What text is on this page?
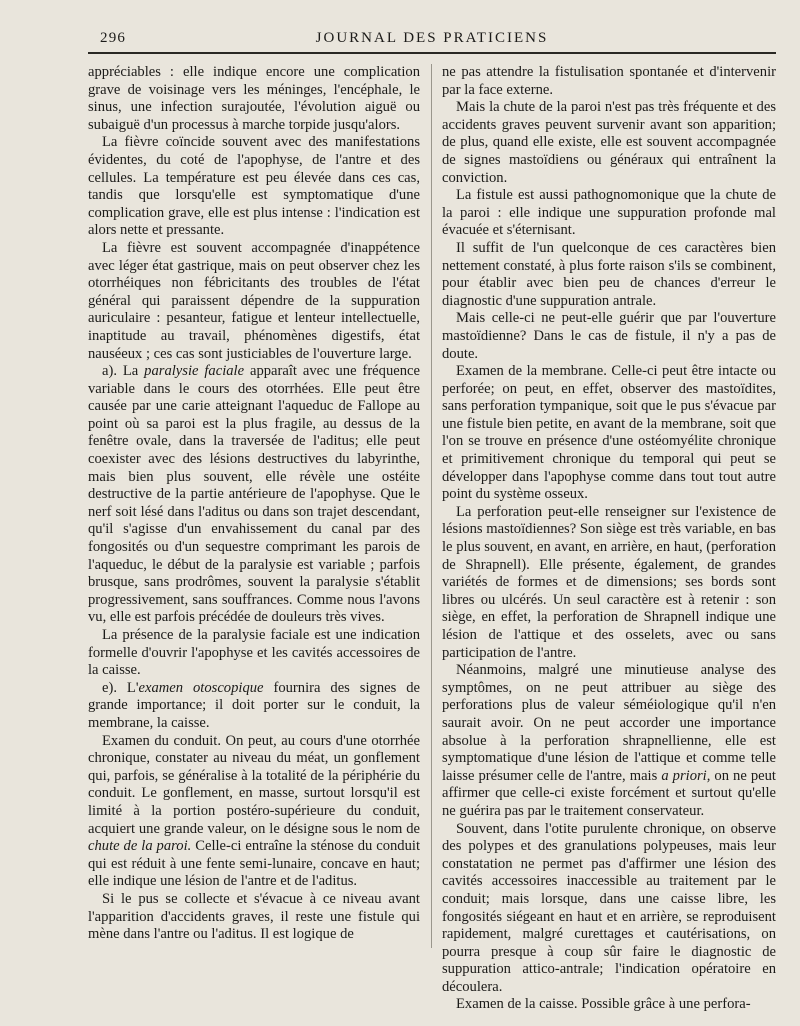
296	JOURNAL DES PRATICIENS

appréciables : elle indique encore une complication grave de voisinage vers les méninges, l'encéphale, le sinus, une infection surajoutée, l'évolution aiguë ou subaiguë d'un processus à marche torpide jusqu'alors.

La fièvre coïncide souvent avec des manifestations évidentes, du coté de l'apophyse, de l'antre et des cellules. La température est peu élevée dans ces cas, tandis que lorsqu'elle est symptomatique d'une complication grave, elle est plus intense : l'indication est alors nette et pressante.

La fièvre est souvent accompagnée d'inappétence avec léger état gastrique, mais on peut observer chez les otorrhéiques non fébricitants des troubles de l'état général qui paraissent dépendre de la suppuration auriculaire : pesanteur, fatigue et lenteur intellectuelle, inaptitude au travail, phénomènes digestifs, état nauséeux ; ces cas sont justiciables de l'ouverture large.

a). La paralysie faciale apparaît avec une fréquence variable dans le cours des otorrhées. Elle peut être causée par une carie atteignant l'aqueduc de Fallope au point où sa paroi est la plus fragile, au dessus de la fenêtre ovale, dans la traversée de l'aditus; elle peut coexister avec des lésions destructives du labyrinthe, mais bien plus souvent, elle révèle une ostéite destructive de la partie antérieure de l'apophyse. Que le nerf soit lésé dans l'aditus ou dans son trajet descendant, qu'il s'agisse d'un envahissement du canal par des fongosités ou d'un sequestre comprimant les parois de l'aqueduc, le début de la paralysie est variable ; parfois brusque, sans prodrômes, souvent la paralysie s'établit progressivement, sans souffrances. Comme nous l'avons vu, elle est parfois précédée de douleurs très vives.

La présence de la paralysie faciale est une indication formelle d'ouvrir l'apophyse et les cavités accessoires de la caisse.

e). L'examen otoscopique fournira des signes de grande importance; il doit porter sur le conduit, la membrane, la caisse.

Examen du conduit. On peut, au cours d'une otorrhée chronique, constater au niveau du méat, un gonflement qui, parfois, se généralise à la totalité de la périphérie du conduit. Le gonflement, en masse, surtout lorsqu'il est limité à la portion postéro-supérieure du conduit, acquiert une grande valeur, on le désigne sous le nom de chute de la paroi. Celle-ci entraîne la sténose du conduit qui est réduit à une fente semi-lunaire, concave en haut; elle indique une lésion de l'antre et de l'aditus.

Si le pus se collecte et s'évacue à ce niveau avant l'apparition d'accidents graves, il reste une fistule qui mène dans l'antre ou l'aditus. Il est logique de

ne pas attendre la fistulisation spontanée et d'intervenir par la face externe.

Mais la chute de la paroi n'est pas très fréquente et des accidents graves peuvent survenir avant son apparition; de plus, quand elle existe, elle est souvent accompagnée de signes mastoïdiens ou généraux qui entraînent la conviction.

La fistule est aussi pathognomonique que la chute de la paroi : elle indique une suppuration profonde mal évacuée et s'éternisant.

Il suffit de l'un quelconque de ces caractères bien nettement constaté, à plus forte raison s'ils se combinent, pour établir avec bien peu de chances d'erreur le diagnostic d'une suppuration antrale.

Mais celle-ci ne peut-elle guérir que par l'ouverture mastoïdienne? Dans le cas de fistule, il n'y a pas de doute.

Examen de la membrane. Celle-ci peut être intacte ou perforée; on peut, en effet, observer des mastoïdites, sans perforation tympanique, soit que le pus s'évacue par une fistule bien petite, en avant de la membrane, soit que l'on se trouve en présence d'une ostéomyélite chronique et primitivement chronique du temporal qui peut se développer dans l'apophyse comme dans tout tout autre point du système osseux.

La perforation peut-elle renseigner sur l'existence de lésions mastoïdiennes? Son siège est très variable, en bas le plus souvent, en avant, en arrière, en haut, (perforation de Shrapnell). Elle présente, également, de grandes variétés de formes et de dimensions; ses bords sont libres ou ulcérés. Un seul caractère est à retenir : son siège, en effet, la perforation de Shrapnell indique une lésion de l'attique et des osselets, avec ou sans participation de l'antre.

Néanmoins, malgré une minutieuse analyse des symptômes, on ne peut attribuer au siège des perforations plus de valeur séméiologique qu'il n'en saurait avoir. On ne peut accorder une importance absolue à la perforation shrapnellienne, elle est symptomatique d'une lésion de l'attique et comme telle laisse présumer celle de l'antre, mais a priori, on ne peut affirmer que celle-ci existe forcément et surtout qu'elle ne guérira pas par le traitement conservateur.

Souvent, dans l'otite purulente chronique, on observe des polypes et des granulations polypeuses, mais leur constatation ne permet pas d'affirmer une lésion des cavités accessoires inaccessible au traitement par le conduit; mais lorsque, dans une caisse libre, les fongosités siégeant en haut et en arrière, se reproduisent rapidement, malgré curettages et cautérisations, on pourra presque à coup sûr faire le diagnostic de suppuration attico-antrale; l'indication opératoire en découlera.

Examen de la caisse. Possible grâce à une perfora-
